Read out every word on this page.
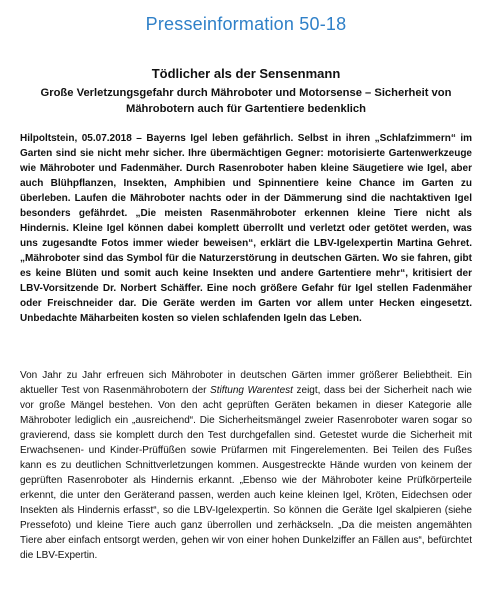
Presseinformation 50-18
Tödlicher als der Sensenmann
Große Verletzungsgefahr durch Mähroboter und Motorsense – Sicherheit von Mährobotern auch für Gartentiere bedenklich

Hilpoltstein, 05.07.2018 – Bayerns Igel leben gefährlich. Selbst in ihren „Schlafzimmern“ im Garten sind sie nicht mehr sicher. Ihre übermächtigen Gegner: motorisierte Gartenwerkzeuge wie Mähroboter und Fadenmäher. Durch Rasenroboter haben kleine Säugetiere wie Igel, aber auch Blühpflanzen, Insekten, Amphibien und Spinnentiere keine Chance im Garten zu überleben. Laufen die Mähroboter nachts oder in der Dämmerung sind die nachtaktiven Igel besonders gefährdet. „Die meisten Rasenmähroboter erkennen kleine Tiere nicht als Hindernis. Kleine Igel können dabei komplett überrollt und verletzt oder getötet werden, was uns zugesandte Fotos immer wieder beweisen“, erklärt die LBV-Igelexpertin Martina Gehret. „Mähroboter sind das Symbol für die Naturzerstörung in deutschen Gärten. Wo sie fahren, gibt es keine Blüten und somit auch keine Insekten und andere Gartentiere mehr“, kritisiert der LBV-Vorsitzende Dr. Norbert Schäffer. Eine noch größere Gefahr für Igel stellen Fadenmäher oder Freischneider dar. Die Geräte werden im Garten vor allem unter Hecken eingesetzt. Unbedachte Mäharbeiten kosten so vielen schlafenden Igeln das Leben.

Von Jahr zu Jahr erfreuen sich Mähroboter in deutschen Gärten immer größerer Beliebtheit. Ein aktueller Test von Rasenmährobotern der Stiftung Warentest zeigt, dass bei der Sicherheit nach wie vor große Mängel bestehen. Von den acht geprüften Geräten bekamen in dieser Kategorie alle Mähroboter lediglich ein „ausreichend“. Die Sicherheitsmängel zweier Rasenroboter waren sogar so gravierend, dass sie komplett durch den Test durchgefallen sind. Getestet wurde die Sicherheit mit Erwachsenen- und Kinder-Prüffüßen sowie Prüfarmen mit Fingerelementen. Bei Teilen des Fußes kann es zu deutlichen Schnittverletzungen kommen. Ausgestreckte Hände wurden von keinem der geprüften Rasenroboter als Hindernis erkannt. „Ebenso wie der Mähroboter keine Prüfkörperteile erkennt, die unter den Geräterand passen, werden auch keine kleinen Igel, Kröten, Eidechsen oder Insekten als Hindernis erfasst“, so die LBV-Igelexpertin. So können die Geräte Igel skalpieren (siehe Pressefoto) und kleine Tiere auch ganz überrollen und zerhäckseln. „Da die meisten angemähten Tiere aber einfach entsorgt werden, gehen wir von einer hohen Dunkelziffer an Fällen aus“, befürchtet die LBV-Expertin.
